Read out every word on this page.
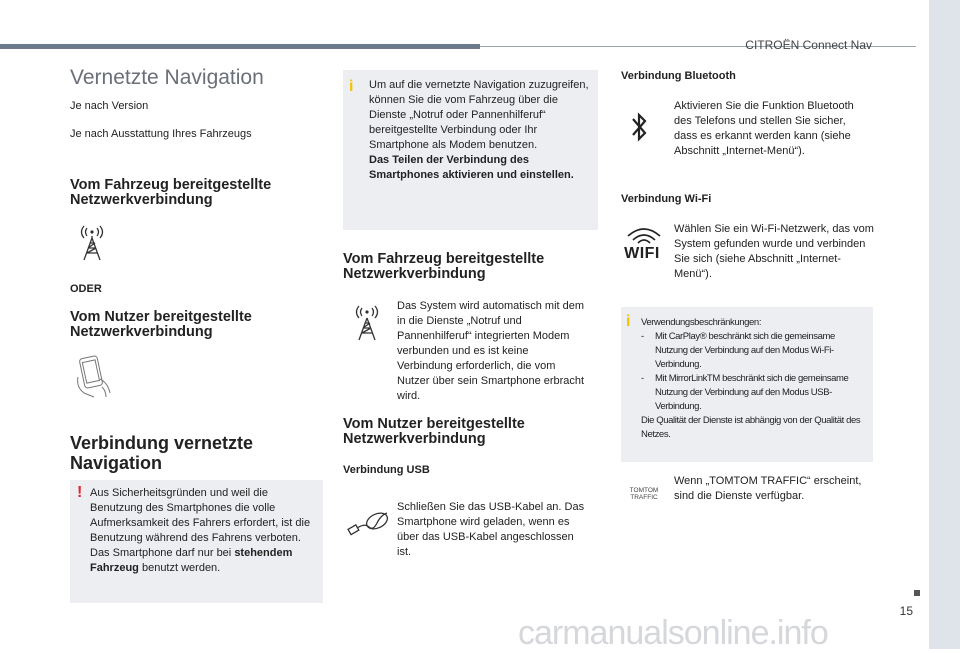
CITROËN Connect Nav
15
Vernetzte Navigation
Je nach Version
Je nach Ausstattung Ihres Fahrzeugs
Vom Fahrzeug bereitgestellte Netzwerkverbindung
ODER
Vom Nutzer bereitgestellte Netzwerkverbindung
Verbindung vernetzte Navigation
! Aus Sicherheitsgründen und weil die Benutzung des Smartphones die volle Aufmerksamkeit des Fahrers erfordert, ist die Benutzung während des Fahrens verboten.
Das Smartphone darf nur bei stehendem Fahrzeug benutzt werden.
i Um auf die vernetzte Navigation zuzugreifen, können Sie die vom Fahrzeug über die Dienste „Notruf oder Pannenhilferuf“ bereitgestellte Verbindung oder Ihr Smartphone als Modem benutzen.
Das Teilen der Verbindung des Smartphones aktivieren und einstellen.
Vom Fahrzeug bereitgestellte Netzwerkverbindung
Das System wird automatisch mit dem in die Dienste „Notruf und Pannenhilferuf“ integrierten Modem verbunden und es ist keine Verbindung erforderlich, die vom Nutzer über sein Smartphone erbracht wird.
Vom Nutzer bereitgestellte Netzwerkverbindung
Verbindung USB
Schließen Sie das USB-Kabel an. Das Smartphone wird geladen, wenn es über das USB-Kabel angeschlossen ist.
Verbindung Bluetooth
Aktivieren Sie die Funktion Bluetooth des Telefons und stellen Sie sicher, dass es erkannt werden kann (siehe Abschnitt „Internet-Menü“).
Verbindung Wi-Fi
WIFI
Wählen Sie ein Wi-Fi-Netzwerk, das vom System gefunden wurde und verbinden Sie sich (siehe Abschnitt „Internet-Menü“).
i Verwendungsbeschränkungen:
-	Mit CarPlay® beschränkt sich die gemeinsame Nutzung der Verbindung auf den Modus Wi-Fi-Verbindung.
-	Mit MirrorLinkTM beschränkt sich die gemeinsame Nutzung der Verbindung auf den Modus USB-Verbindung.
Die Qualität der Dienste ist abhängig von der Qualität des Netzes.
TOMTOM TRAFFIC
Wenn „TOMTOM TRAFFIC“ erscheint, sind die Dienste verfügbar.
carmanualsonline.info
